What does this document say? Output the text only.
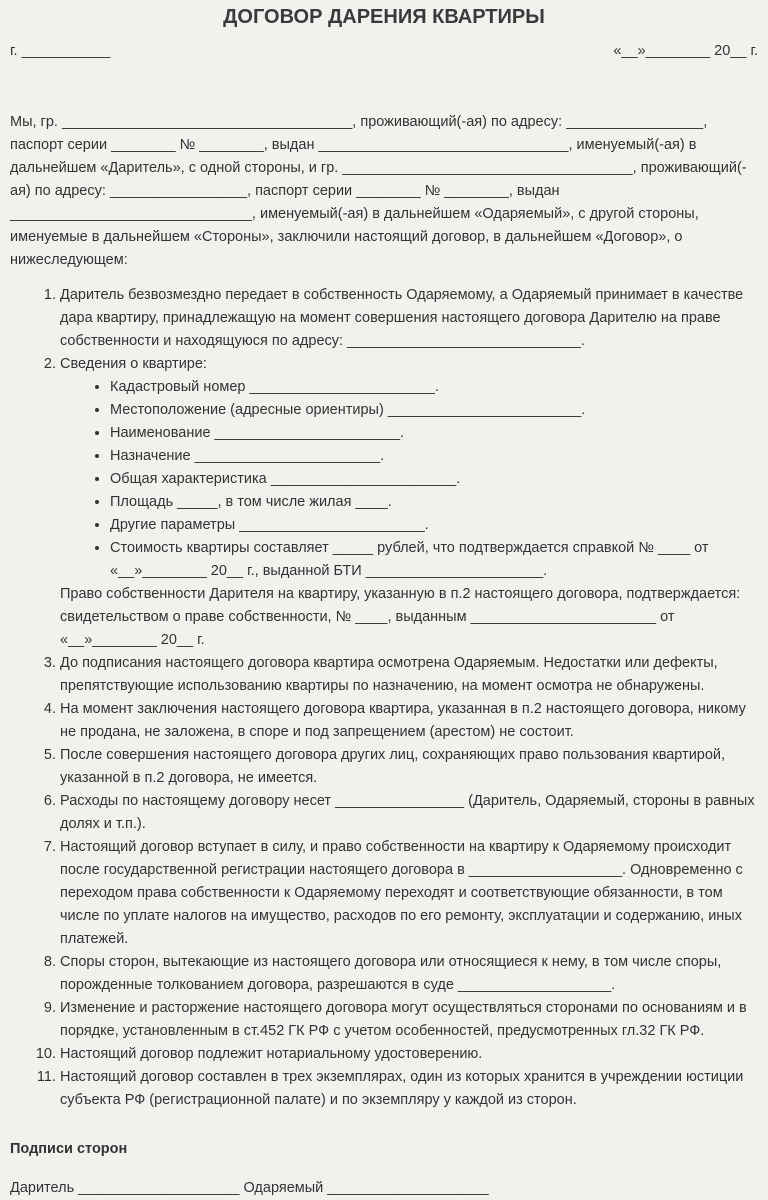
ДОГОВОР ДАРЕНИЯ КВАРТИРЫ
г. ___________	«__»________ 20__ г.
Мы, гр. ____________________________________, проживающий(-ая) по адресу: _________________, паспорт серии ________ № ________, выдан _______________________________, именуемый(-ая) в дальнейшем «Даритель», с одной стороны, и гр. ____________________________________, проживающий(-ая) по адресу: _________________, паспорт серии ________ № ________, выдан ______________________________, именуемый(-ая) в дальнейшем «Одаряемый», с другой стороны, именуемые в дальнейшем «Стороны», заключили настоящий договор, в дальнейшем «Договор», о нижеследующем:
1. Даритель безвозмездно передает в собственность Одаряемому, а Одаряемый принимает в качестве дара квартиру, принадлежащую на момент совершения настоящего договора Дарителю на праве собственности и находящуюся по адресу: _____________________________.
2. Сведения о квартире:
• Кадастровый номер _______________________.
• Местоположение (адресные ориентиры) ________________________.
• Наименование _______________________.
• Назначение _______________________.
• Общая характеристика _______________________.
• Площадь _____, в том числе жилая ____.
• Другие параметры _______________________.
• Стоимость квартиры составляет _____ рублей, что подтверждается справкой № ____ от «__»________ 20__ г., выданной БТИ ______________________.
Право собственности Дарителя на квартиру, указанную в п.2 настоящего договора, подтверждается: свидетельством о праве собственности, № ____, выданным _______________________ от «__»________ 20__ г.
3. До подписания настоящего договора квартира осмотрена Одаряемым. Недостатки или дефекты, препятствующие использованию квартиры по назначению, на момент осмотра не обнаружены.
4. На момент заключения настоящего договора квартира, указанная в п.2 настоящего договора, никому не продана, не заложена, в споре и под запрещением (арестом) не состоит.
5. После совершения настоящего договора других лиц, сохраняющих право пользования квартирой, указанной в п.2 договора, не имеется.
6. Расходы по настоящему договору несет ________________ (Даритель, Одаряемый, стороны в равных долях и т.п.).
7. Настоящий договор вступает в силу, и право собственности на квартиру к Одаряемому происходит после государственной регистрации настоящего договора в ___________________. Одновременно с переходом права собственности к Одаряемому переходят и соответствующие обязанности, в том числе по уплате налогов на имущество, расходов по его ремонту, эксплуатации и содержанию, иных платежей.
8. Споры сторон, вытекающие из настоящего договора или относящиеся к нему, в том числе споры, порожденные толкованием договора, разрешаются в суде ___________________.
9. Изменение и расторжение настоящего договора могут осуществляться сторонами по основаниям и в порядке, установленным в ст.452 ГК РФ с учетом особенностей, предусмотренных гл.32 ГК РФ.
10. Настоящий договор подлежит нотариальному удостоверению.
11. Настоящий договор составлен в трех экземплярах, один из которых хранится в учреждении юстиции субъекта РФ (регистрационной палате) и по экземпляру у каждой из сторон.
Подписи сторон
Даритель ____________________ Одаряемый ____________________
